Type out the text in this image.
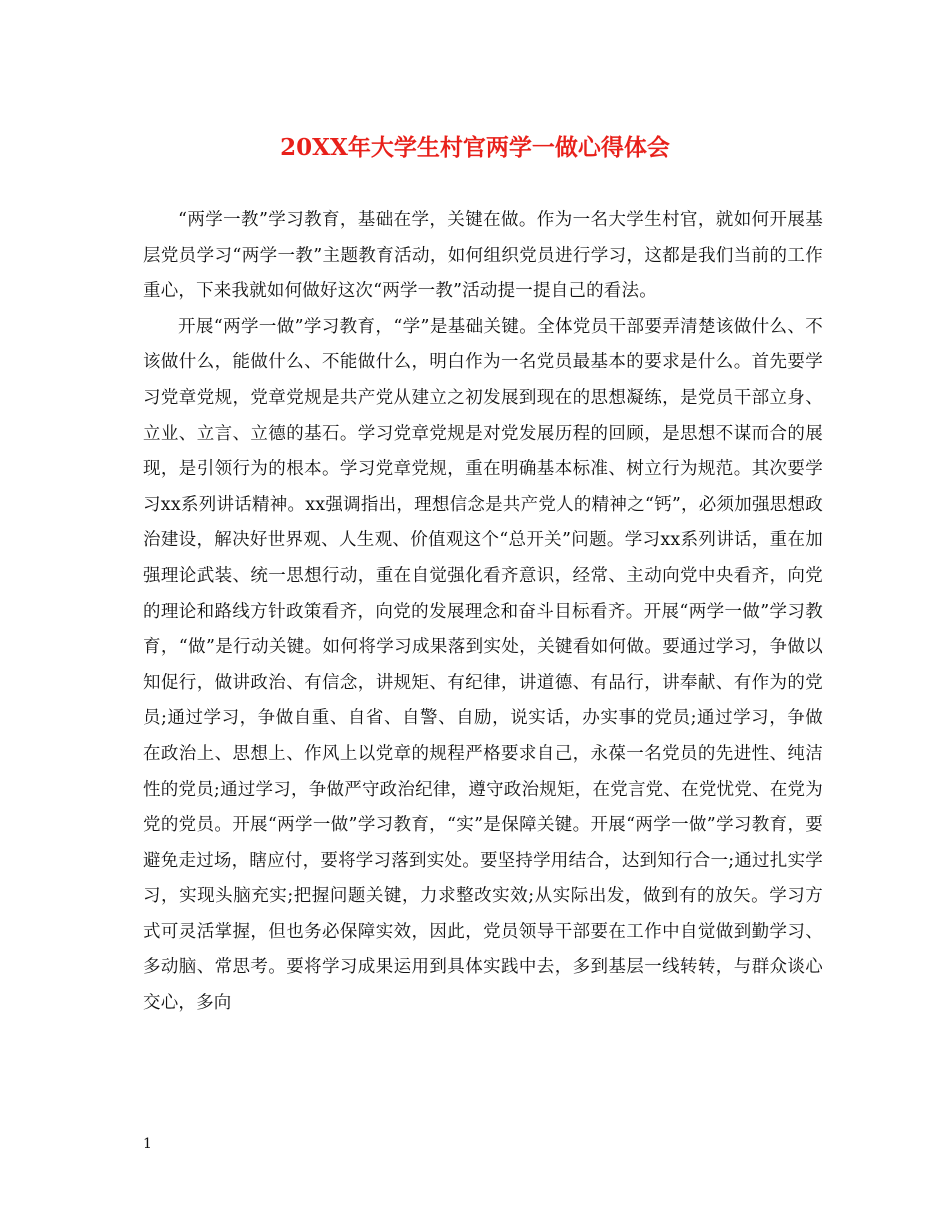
20XX年大学生村官两学一做心得体会

“两学一教”学习教育，基础在学，关键在做。作为一名大学生村官，就如何开展基层党员学习“两学一教”主题教育活动，如何组织党员进行学习，这都是我们当前的工作重心，下来我就如何做好这次“两学一教”活动提一提自己的看法。

开展“两学一做”学习教育，“学”是基础关键。全体党员干部要弄清楚该做什么、不该做什么，能做什么、不能做什么，明白作为一名党员最基本的要求是什么。首先要学习党章党规，党章党规是共产党从建立之初发展到现在的思想凝练，是党员干部立身、立业、立言、立德的基石。学习党章党规是对党发展历程的回顾，是思想不谋而合的展现，是引领行为的根本。学习党章党规，重在明确基本标准、树立行为规范。其次要学习xx系列讲话精神。xx强调指出，理想信念是共产党人的精神之“钙”，必须加强思想政治建设，解决好世界观、人生观、价值观这个“总开关”问题。学习xx系列讲话，重在加强理论武装、统一思想行动，重在自觉强化看齐意识，经常、主动向党中央看齐，向党的理论和路线方针政策看齐，向党的发展理念和奋斗目标看齐。开展“两学一做”学习教育，“做”是行动关键。如何将学习成果落到实处，关键看如何做。要通过学习，争做以知促行，做讲政治、有信念，讲规矩、有纪律，讲道德、有品行，讲奉献、有作为的党员;通过学习，争做自重、自省、自警、自励，说实话，办实事的党员;通过学习，争做在政治上、思想上、作风上以党章的规程严格要求自己，永葆一名党员的先进性、纯洁性的党员;通过学习，争做严守政治纪律，遵守政治规矩，在党言党、在党忧党、在党为党的党员。开展“两学一做”学习教育，“实”是保障关键。开展“两学一做”学习教育，要避免走过场，瞎应付，要将学习落到实处。要坚持学用结合，达到知行合一;通过扎实学习，实现头脑充实;把握问题关键，力求整改实效;从实际出发，做到有的放矢。学习方式可灵活掌握，但也务必保障实效，因此，党员领导干部要在工作中自觉做到勤学习、多动脑、常思考。要将学习成果运用到具体实践中去，多到基层一线转转，与群众谈心交心，多向

1
